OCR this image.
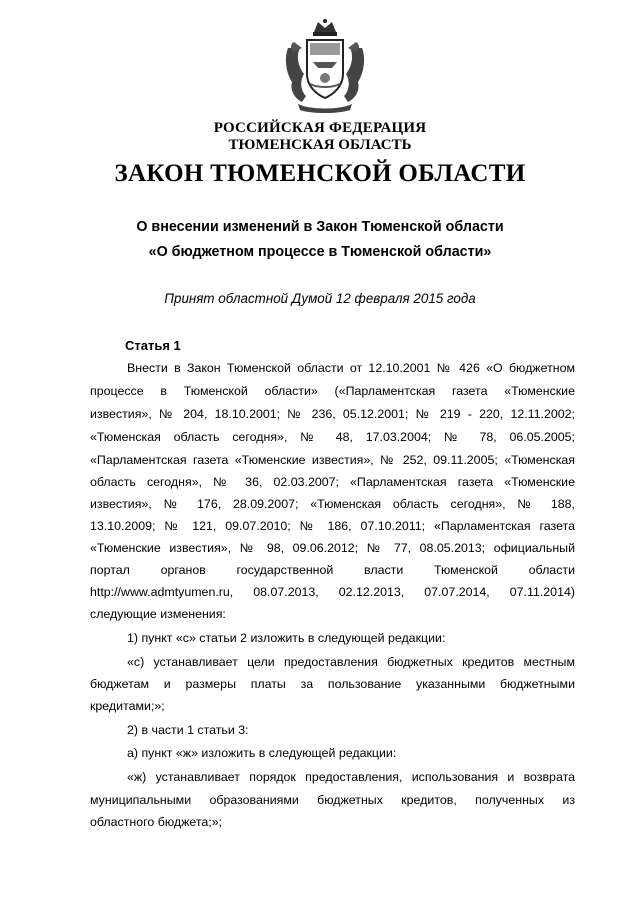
РОССИЙСКАЯ ФЕДЕРАЦИЯ
ТЮМЕНСКАЯ ОБЛАСТЬ
ЗАКОН ТЮМЕНСКОЙ ОБЛАСТИ
О внесении изменений в Закон Тюменской области
«О бюджетном процессе в Тюменской области»
Принят областной Думой 12 февраля 2015 года
Статья 1
Внести в Закон Тюменской области от 12.10.2001 № 426 «О бюджетном
процессе в Тюменской области» («Парламентская газета «Тюменские
известия», № 204, 18.10.2001; № 236, 05.12.2001; № 219 - 220, 12.11.2002;
«Тюменская область сегодня», № 48, 17.03.2004; № 78, 06.05.2005;
«Парламентская газета «Тюменские известия», № 252, 09.11.2005; «Тюменская
область сегодня», № 36, 02.03.2007; «Парламентская газета «Тюменские
известия», № 176, 28.09.2007; «Тюменская область сегодня», № 188,
13.10.2009; № 121, 09.07.2010; № 186, 07.10.2011; «Парламентская газета
«Тюменские известия», № 98, 09.06.2012; № 77, 08.05.2013; официальный
портал органов государственной власти Тюменской области
http://www.admtyumen.ru, 08.07.2013, 02.12.2013, 07.07.2014, 07.11.2014)
следующие изменения:
1) пункт «с» статьи 2 изложить в следующей редакции:
«с) устанавливает цели предоставления бюджетных кредитов местным
бюджетам и размеры платы за пользование указанными бюджетными
кредитами;»;
2) в части 1 статьи 3:
а) пункт «ж» изложить в следующей редакции:
«ж) устанавливает порядок предоставления, использования и возврата
муниципальными образованиями бюджетных кредитов, полученных из
областного бюджета;»;
